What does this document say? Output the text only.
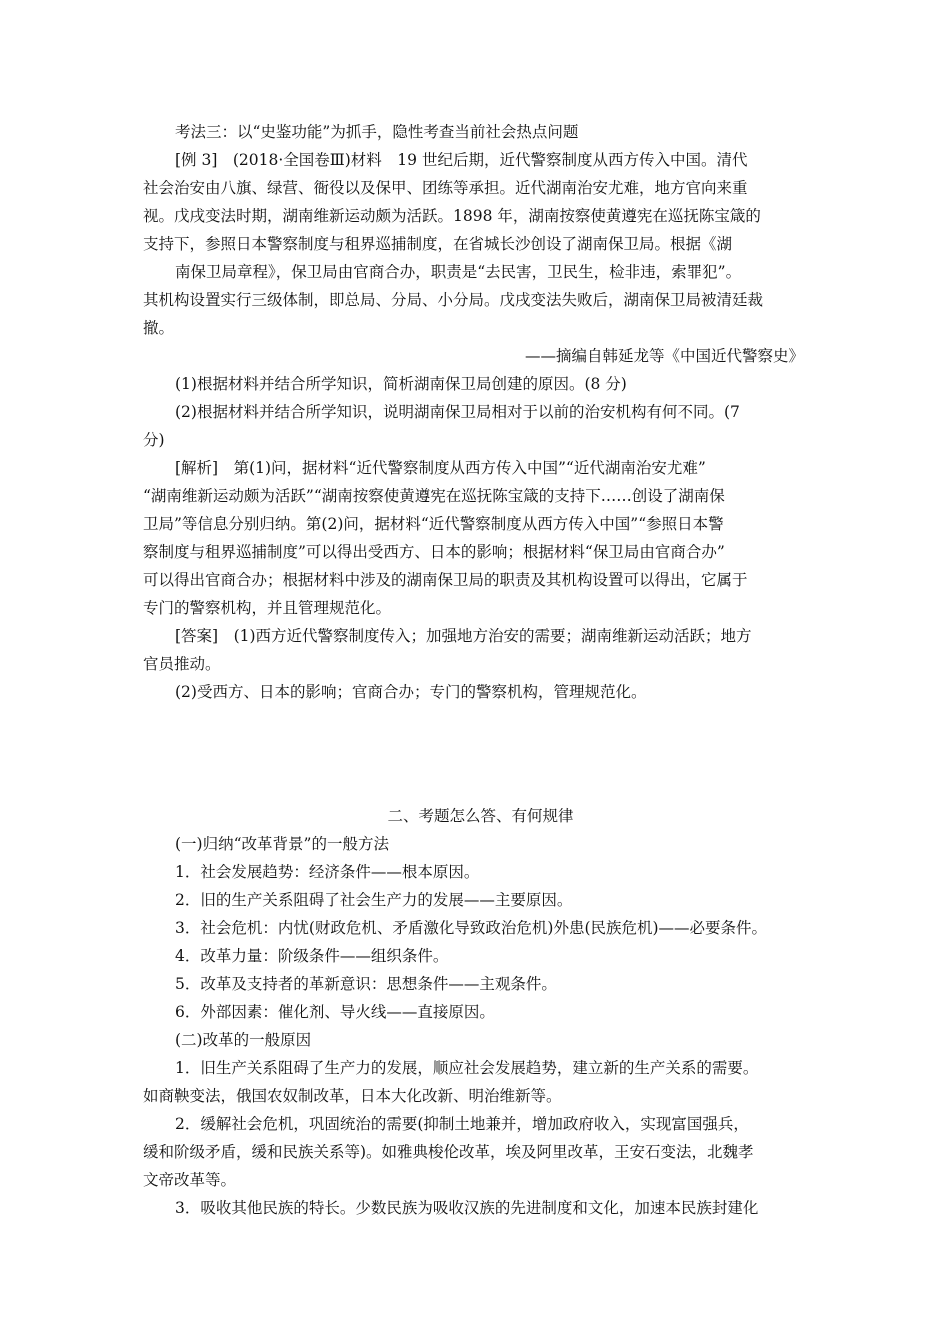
考法三：以“史鉴功能”为抓手，隐性考查当前社会热点问题
[例 3]　(2018·全国卷Ⅲ)材料　19 世纪后期，近代警察制度从西方传入中国。清代
社会治安由八旗、绿营、衙役以及保甲、团练等承担。近代湖南治安尤难，地方官向来重
视。戊戌变法时期，湖南维新运动颇为活跃。1898 年，湖南按察使黄遵宪在巡抚陈宝箴的
支持下，参照日本警察制度与租界巡捕制度，在省城长沙创设了湖南保卫局。根据《湖
南保卫局章程》，保卫局由官商合办，职责是“去民害，卫民生，检非违，索罪犯”。
其机构设置实行三级体制，即总局、分局、小分局。戊戌变法失败后，湖南保卫局被清廷裁
撤。
——摘编自韩延龙等《中国近代警察史》
(1)根据材料并结合所学知识，简析湖南保卫局创建的原因。(8 分)
(2)根据材料并结合所学知识，说明湖南保卫局相对于以前的治安机构有何不同。(7
分)
[解析]　第(1)问，据材料“近代警察制度从西方传入中国”“近代湖南治安尤难”
“湖南维新运动颇为活跃”“湖南按察使黄遵宪在巡抚陈宝箴的支持下……创设了湖南保
卫局”等信息分别归纳。第(2)问，据材料“近代警察制度从西方传入中国”“参照日本警
察制度与租界巡捕制度”可以得出受西方、日本的影响；根据材料“保卫局由官商合办”
可以得出官商合办；根据材料中涉及的湖南保卫局的职责及其机构设置可以得出，它属于
专门的警察机构，并且管理规范化。
[答案]　(1)西方近代警察制度传入；加强地方治安的需要；湖南维新运动活跃；地方
官员推动。
(2)受西方、日本的影响；官商合办；专门的警察机构，管理规范化。
二、考题怎么答、有何规律
(一)归纳“改革背景”的一般方法
1．社会发展趋势：经济条件——根本原因。
2．旧的生产关系阻碍了社会生产力的发展——主要原因。
3．社会危机：内忧(财政危机、矛盾激化导致政治危机)外患(民族危机)——必要条件。
4．改革力量：阶级条件——组织条件。
5．改革及支持者的革新意识：思想条件——主观条件。
6．外部因素：催化剂、导火线——直接原因。
(二)改革的一般原因
1．旧生产关系阻碍了生产力的发展，顺应社会发展趋势，建立新的生产关系的需要。
如商鞅变法，俄国农奴制改革，日本大化改新、明治维新等。
2．缓解社会危机，巩固统治的需要(抑制土地兼并，增加政府收入，实现富国强兵，
缓和阶级矛盾，缓和民族关系等)。如雅典梭伦改革，埃及阿里改革，王安石变法，北魏孝
文帝改革等。
3．吸收其他民族的特长。少数民族为吸收汉族的先进制度和文化，加速本民族封建化
